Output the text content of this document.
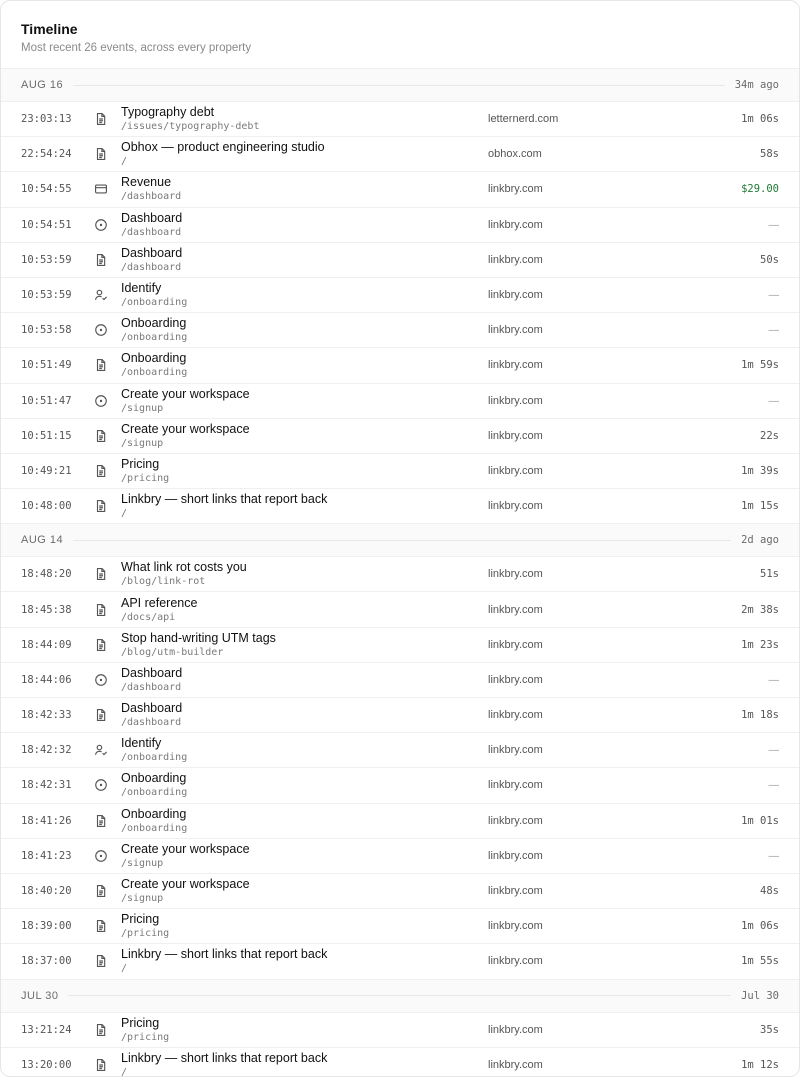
Timeline
Most recent 26 events, across every property
AUG 16	34m ago
23:03:13	Typography debt
/issues/typography-debt
letternerd.com	1m 06s
22:54:24	Obhox — product engineering studio
/
obhox.com	58s
10:54:55	Revenue
/dashboard
linkbry.com	$29.00
10:54:51	Dashboard
/dashboard
linkbry.com	—
10:53:59	Dashboard
/dashboard
linkbry.com	50s
10:53:59	Identify
/onboarding
linkbry.com	—
10:53:58	Onboarding
/onboarding
linkbry.com	—
10:51:49	Onboarding
/onboarding
linkbry.com	1m 59s
10:51:47	Create your workspace
/signup
linkbry.com	—
10:51:15	Create your workspace
/signup
linkbry.com	22s
10:49:21	Pricing
/pricing
linkbry.com	1m 39s
10:48:00	Linkbry — short links that report back
/
linkbry.com	1m 15s
AUG 14	2d ago
18:48:20	What link rot costs you
/blog/link-rot
linkbry.com	51s
18:45:38	API reference
/docs/api
linkbry.com	2m 38s
18:44:09	Stop hand-writing UTM tags
/blog/utm-builder
linkbry.com	1m 23s
18:44:06	Dashboard
/dashboard
linkbry.com	—
18:42:33	Dashboard
/dashboard
linkbry.com	1m 18s
18:42:32	Identify
/onboarding
linkbry.com	—
18:42:31	Onboarding
/onboarding
linkbry.com	—
18:41:26	Onboarding
/onboarding
linkbry.com	1m 01s
18:41:23	Create your workspace
/signup
linkbry.com	—
18:40:20	Create your workspace
/signup
linkbry.com	48s
18:39:00	Pricing
/pricing
linkbry.com	1m 06s
18:37:00	Linkbry — short links that report back
/
linkbry.com	1m 55s
JUL 30	Jul 30
13:21:24	Pricing
/pricing
linkbry.com	35s
13:20:00	Linkbry — short links that report back
/
linkbry.com	1m 12s
